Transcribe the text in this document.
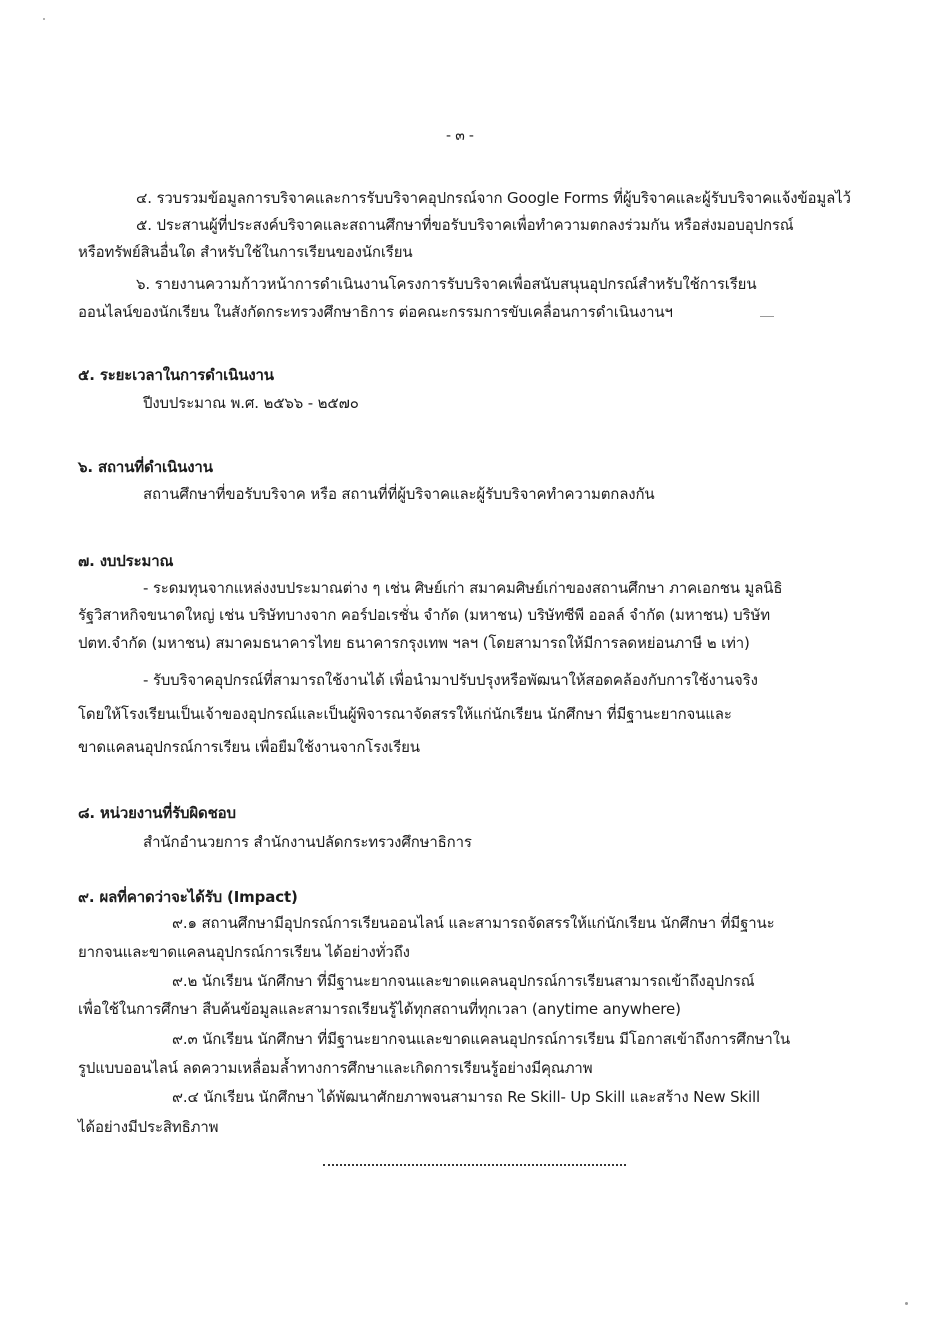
- ๓ -
๔. รวบรวมข้อมูลการบริจาคและการรับบริจาคอุปกรณ์จาก Google Forms ที่ผู้บริจาคและผู้รับบริจาคแจ้งข้อมูลไว้
๕. ประสานผู้ที่ประสงค์บริจาคและสถานศึกษาที่ขอรับบริจาคเพื่อทำความตกลงร่วมกัน หรือส่งมอบอุปกรณ์
หรือทรัพย์สินอื่นใด สำหรับใช้ในการเรียนของนักเรียน
๖. รายงานความก้าวหน้าการดำเนินงานโครงการรับบริจาคเพื่อสนับสนุนอุปกรณ์สำหรับใช้การเรียน
ออนไลน์ของนักเรียน ในสังกัดกระทรวงศึกษาธิการ ต่อคณะกรรมการขับเคลื่อนการดำเนินงานฯ
๕. ระยะเวลาในการดำเนินงาน
ปีงบประมาณ พ.ศ. ๒๕๖๖ - ๒๕๗๐
๖. สถานที่ดำเนินงาน
สถานศึกษาที่ขอรับบริจาค หรือ สถานที่ที่ผู้บริจาคและผู้รับบริจาคทำความตกลงกัน
๗. งบประมาณ
- ระดมทุนจากแหล่งงบประมาณต่าง ๆ เช่น ศิษย์เก่า สมาคมศิษย์เก่าของสถานศึกษา ภาคเอกชน มูลนิธิ
รัฐวิสาหกิจขนาดใหญ่ เช่น บริษัทบางจาก คอร์ปอเรชั่น จำกัด (มหาชน) บริษัทซีพี ออลล์ จำกัด (มหาชน) บริษัท
ปตท.จำกัด (มหาชน) สมาคมธนาคารไทย ธนาคารกรุงเทพ ฯลฯ (โดยสามารถให้มีการลดหย่อนภาษี ๒ เท่า)
- รับบริจาคอุปกรณ์ที่สามารถใช้งานได้ เพื่อนำมาปรับปรุงหรือพัฒนาให้สอดคล้องกับการใช้งานจริง
โดยให้โรงเรียนเป็นเจ้าของอุปกรณ์และเป็นผู้พิจารณาจัดสรรให้แก่นักเรียน นักศึกษา ที่มีฐานะยากจนและ
ขาดแคลนอุปกรณ์การเรียน เพื่อยืมใช้งานจากโรงเรียน
๘. หน่วยงานที่รับผิดชอบ
สำนักอำนวยการ สำนักงานปลัดกระทรวงศึกษาธิการ
๙. ผลที่คาดว่าจะได้รับ (Impact)
๙.๑ สถานศึกษามีอุปกรณ์การเรียนออนไลน์ และสามารถจัดสรรให้แก่นักเรียน นักศึกษา ที่มีฐานะ
ยากจนและขาดแคลนอุปกรณ์การเรียน ได้อย่างทั่วถึง
๙.๒ นักเรียน นักศึกษา ที่มีฐานะยากจนและขาดแคลนอุปกรณ์การเรียนสามารถเข้าถึงอุปกรณ์
เพื่อใช้ในการศึกษา สืบค้นข้อมูลและสามารถเรียนรู้ได้ทุกสถานที่ทุกเวลา (anytime anywhere)
๙.๓ นักเรียน นักศึกษา ที่มีฐานะยากจนและขาดแคลนอุปกรณ์การเรียน มีโอกาสเข้าถึงการศึกษาใน
รูปแบบออนไลน์ ลดความเหลื่อมล้ำทางการศึกษาและเกิดการเรียนรู้อย่างมีคุณภาพ
๙.๔ นักเรียน นักศึกษา ได้พัฒนาศักยภาพจนสามารถ Re Skill- Up Skill และสร้าง New Skill
ได้อย่างมีประสิทธิภาพ
